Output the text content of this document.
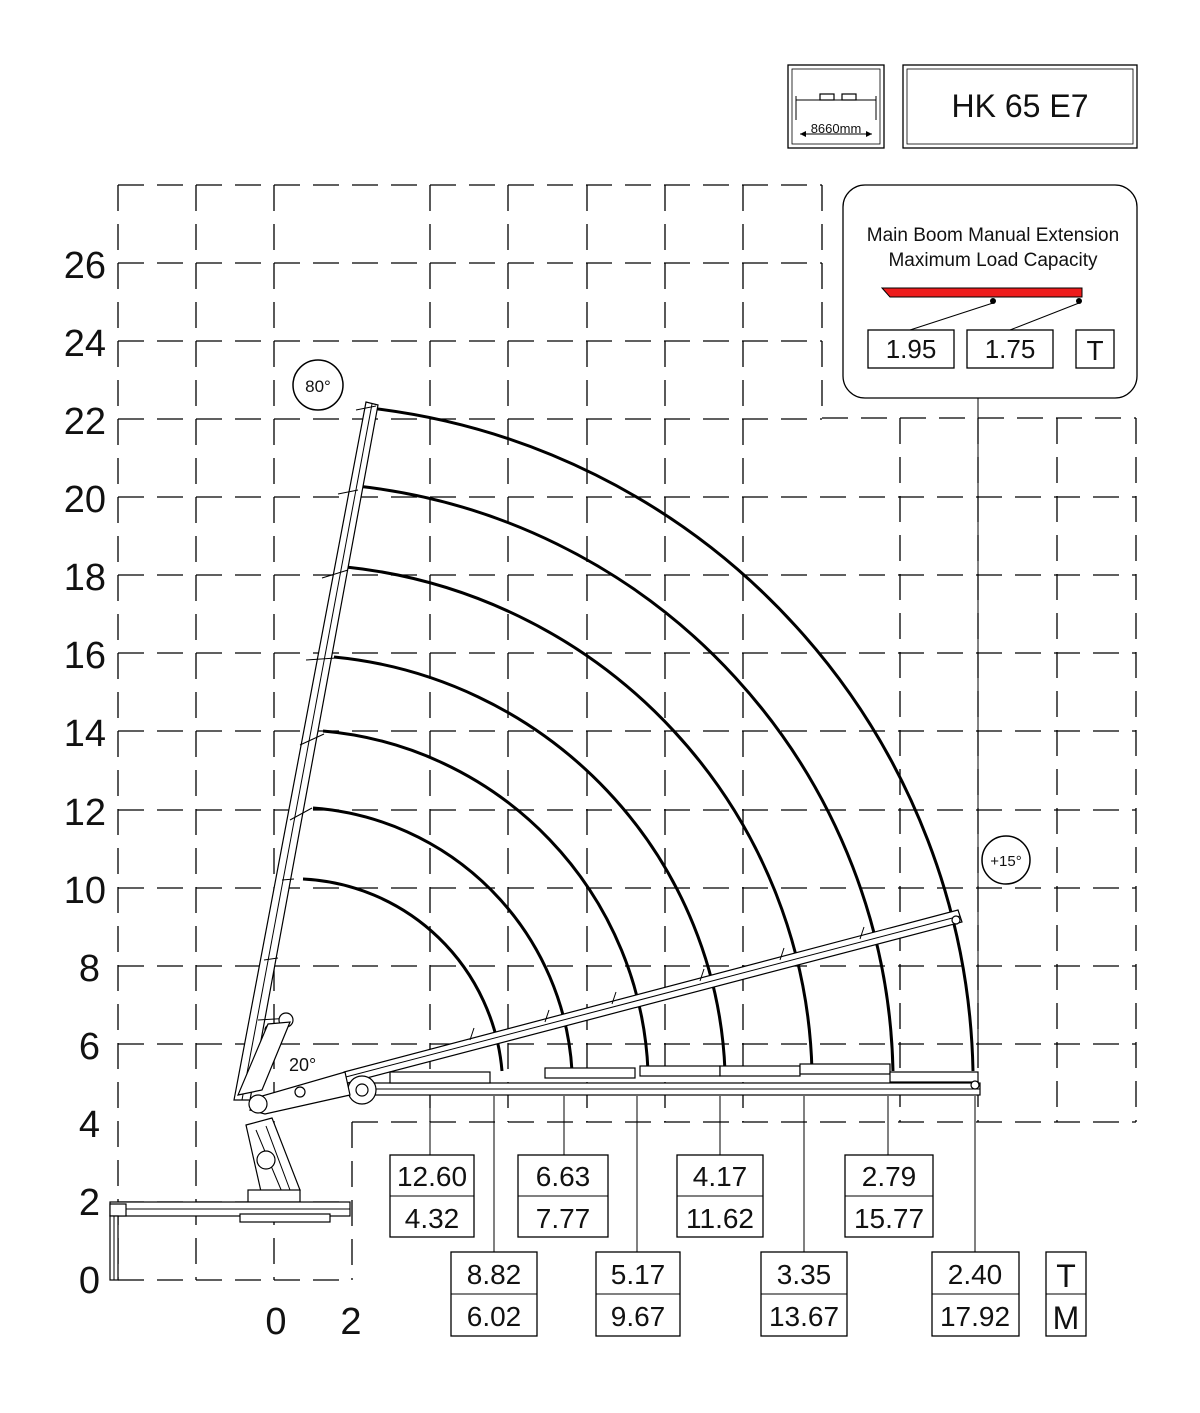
0
2
4
6
8
10
12
14
16
18
20
22
24
26
0 2
80°
+15°
20°
12.60
4.32
8.82
6.02
6.63
7.77
5.17
9.67
4.17
11.62
3.35
13.67
2.79
15.77
2.40
17.92
T
M
8660mm
HK 65 E7
Main Boom Manual Extension
Maximum Load Capacity
1.95 1.75 T
